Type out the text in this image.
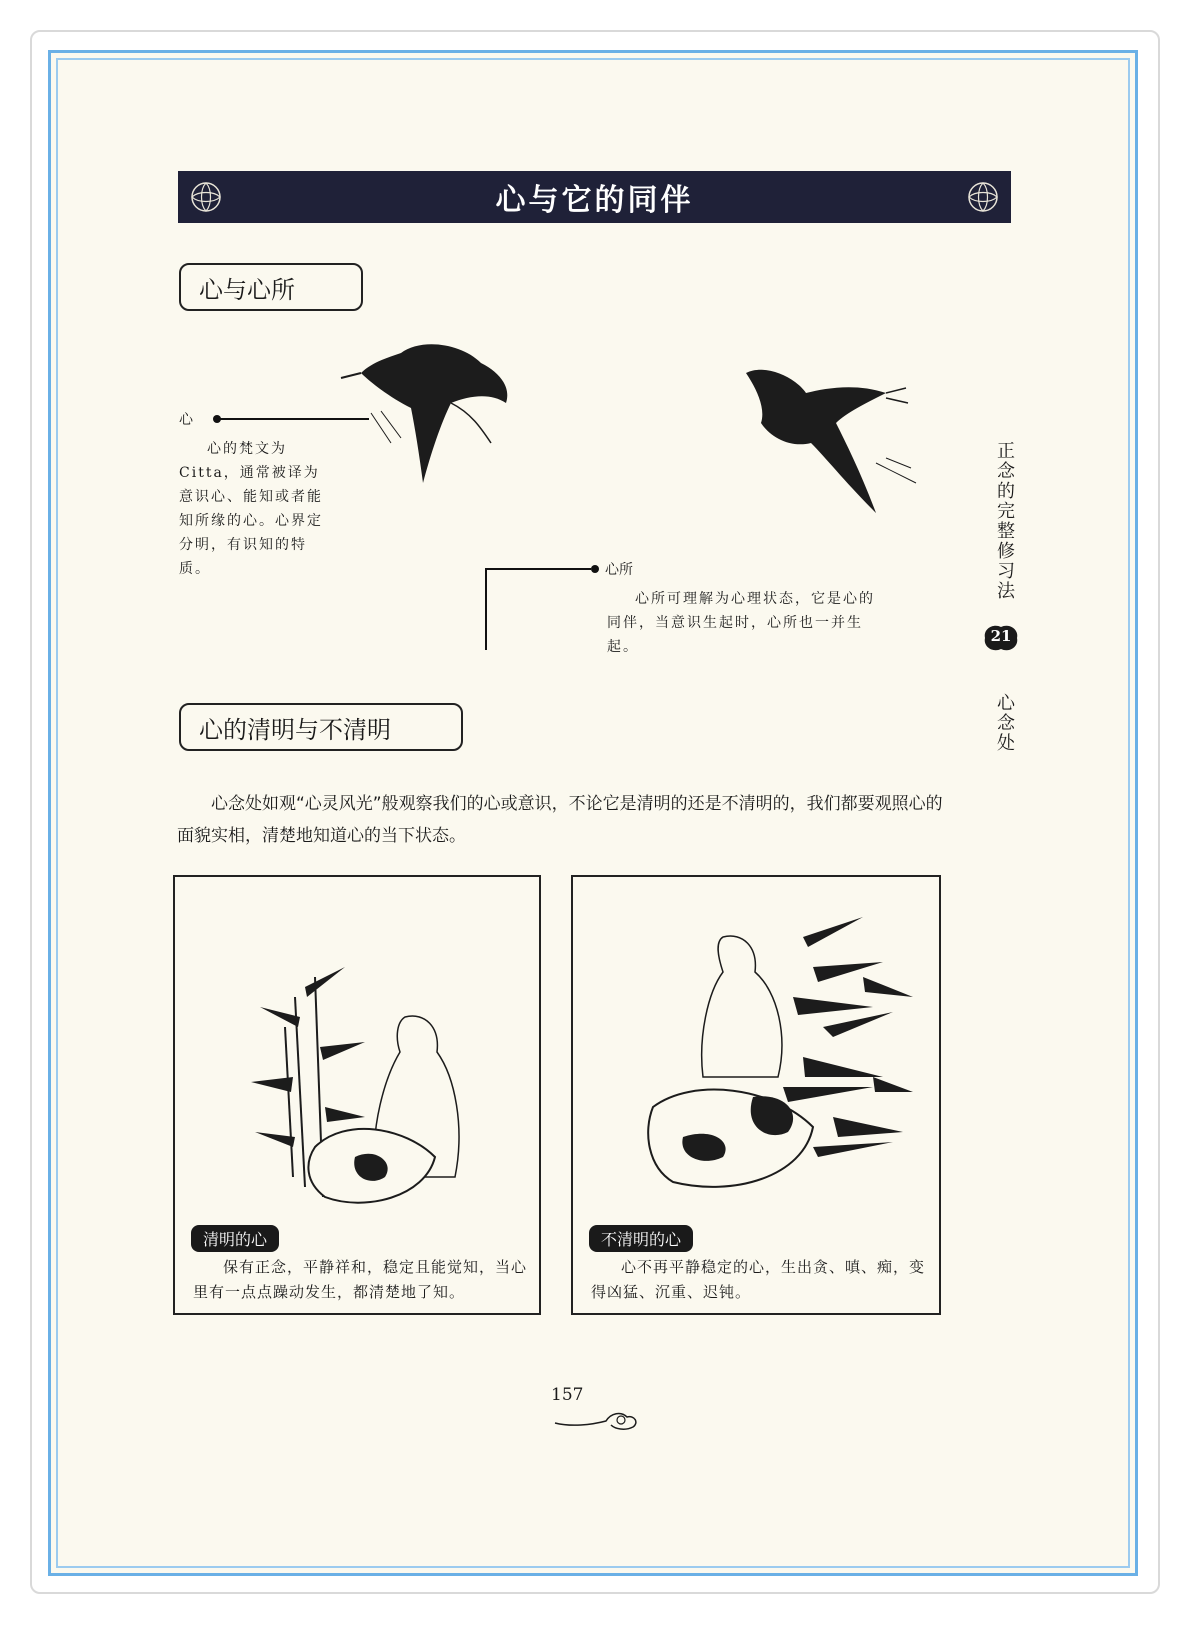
心与它的同伴
心与心所
心
心的梵文为Citta，通常被译为意识心、能知或者能知所缘的心。心界定分明，有识知的特质。	心所
心所可理解为心理状态，它是心的同伴，当意识生起时，心所也一并生起。
正念的完整修习法
21
心念处
心的清明与不清明
心念处如观“心灵风光”般观察我们的心或意识，不论它是清明的还是不清明的，我们都要观照心的面貌实相，清楚地知道心的当下状态。
清明的心
保有正念，平静祥和，稳定且能觉知，当心里有一点点躁动发生，都清楚地了知。
不清明的心
心不再平静稳定的心，生出贪、嗔、痴，变得凶猛、沉重、迟钝。
157
